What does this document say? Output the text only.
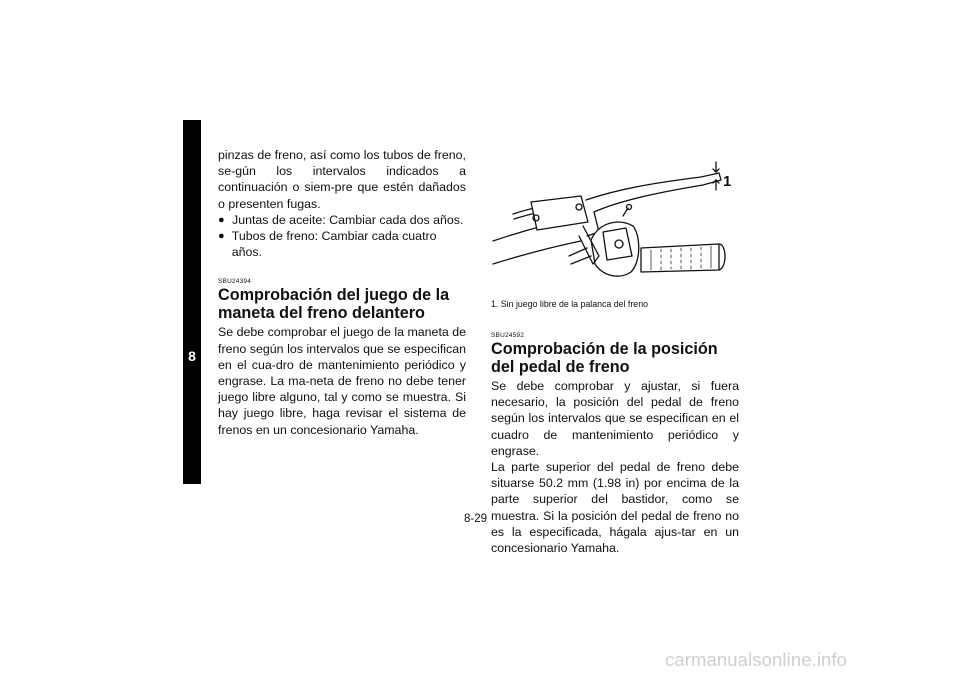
8

pinzas de freno, así como los tubos de freno, se-gún los intervalos indicados a continuación o siem-pre que estén dañados o presenten fugas.

● Juntas de aceite: Cambiar cada dos años.
● Tubos de freno: Cambiar cada cuatro años.
SBU24394
Comprobación del juego de la maneta del freno delantero

Se debe comprobar el juego de la maneta de freno según los intervalos que se especifican en el cua-dro de mantenimiento periódico y engrase. La ma-neta de freno no debe tener juego libre alguno, tal y como se muestra. Si hay juego libre, haga revisar el sistema de frenos en un concesionario Yamaha.

1
1. Sin juego libre de la palanca del freno
SBU24592
Comprobación de la posición del pedal de freno

Se debe comprobar y ajustar, si fuera necesario, la posición del pedal de freno según los intervalos que se especifican en el cuadro de mantenimiento periódico y engrase.

La parte superior del pedal de freno debe situarse 50.2 mm (1.98 in) por encima de la parte superior del bastidor, como se muestra. Si la posición del pedal de freno no es la especificada, hágala ajus-tar en un concesionario Yamaha.

8-29
carmanualsonline.info
